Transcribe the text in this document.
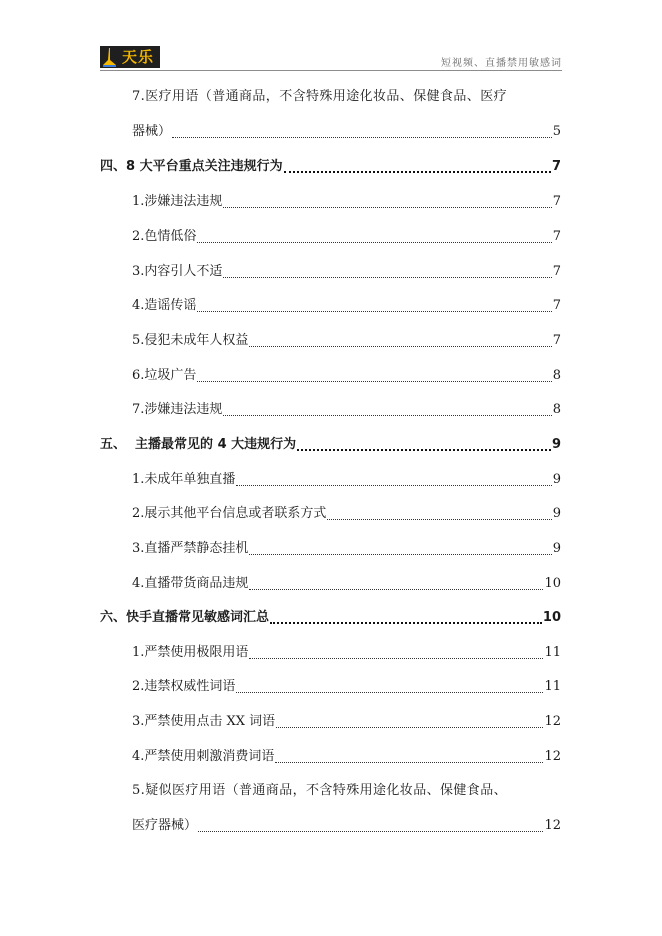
天乐	短视频、直播禁用敏感词
7.医疗用语（普通商品，不含特殊用途化妆品、保健食品、医疗
器械）	5
四、8 大平台重点关注违规行为	7
1.涉嫌违法违规	7
2.色情低俗	7
3.内容引人不适	7
4.造谣传谣	7
5.侵犯未成年人权益	7
6.垃圾广告	8
7.涉嫌违法违规	8
五、  主播最常见的 4 大违规行为	9
1.未成年单独直播	9
2.展示其他平台信息或者联系方式	9
3.直播严禁静态挂机	9
4.直播带货商品违规	10
六、快手直播常见敏感词汇总	10
1.严禁使用极限用语	11
2.违禁权威性词语	11
3.严禁使用点击 XX 词语	12
4.严禁使用刺激消费词语	12
5.疑似医疗用语（普通商品，不含特殊用途化妆品、保健食品、
医疗器械）	12
